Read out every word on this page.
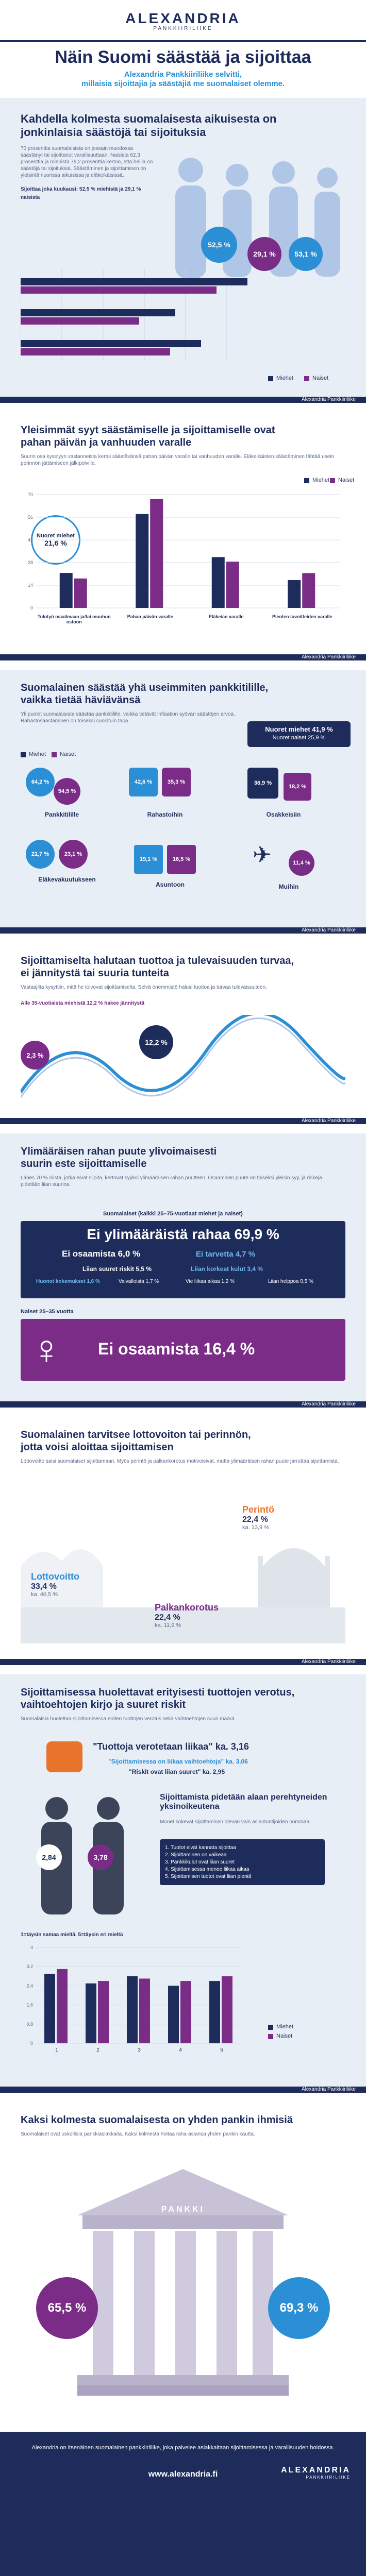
ALEXANDRIA
PANKKIIRILIIKE
Näin Suomi säästää ja sijoittaa
Alexandria Pankkiiriliike selvitti,
millaisia sijoittajia ja säästäjiä me suomalaiset olemme.
Kahdella kolmesta suomalaisesta aikuisesta on
jonkinlaisia säästöjä tai sijoituksia
70 prosenttia suomalaisista on jossain muodossa säästänyt tai sijoittanut varallisuuttaan. Naisista 62,3 prosenttia ja miehistä 79,2 prosenttia kertoo, että heillä on säästöjä tai sijoituksia. Säästäminen ja sijoittaminen on yleisintä nuorissa aikuisissa ja eläkeikäisissä.
Sijoittaa joka kuukausi: 52,5 % miehistä ja 29,1 % naisista
52,5 %
29,1 %	53,1 %
Miehet	Naiset
Alexandria Pankkiiriliike
Yleisimmät syyt säästämiselle ja sijoittamiselle ovat
pahan päivän ja vanhuuden varalle
Suurin osa kyselyyn vastanneista kertoi säästävänsä pahan päivän varalle tai vanhuuden varalle. Eläkeikäisten säästäminen tähtää usein perinnön jättämiseen jälkipolville.
Miehet Naiset
Nuoret miehet
21,6 %
0
14
28
42
56
70
Tulotyö maailmaan ja/tai muuhun ostoon
Pahan päivän varalle	Eläkeiän varalle	Pienten tavoitteiden varalle
Alexandria Pankkiiriliike
Suomalainen säästää yhä useimmiten pankkitilille,
vaikka tietää häviävänsä
Yli puolet suomalaisista säästää pankkitilille, vaikka tietävät inflaation syövän säästöjen arvoa. Rahastosäästäminen on toiseksi suosituin tapa.
Nuoret miehet 41,9 %
Nuoret naiset 25,9 %
Miehet Naiset
64,2 %
54,5 %
Pankkitilille
42,6 %	35,3 %
Rahastoihin
36,9 %
18,2 %
Osakkeisiin
21,7 %	23,1 %
Eläkevakuutukseen
19,1 %	16,5 %
Asuntoon
✈	11,4 %
Muihin
Alexandria Pankkiiriliike
Sijoittamiselta halutaan tuottoa ja tulevaisuuden turvaa,
ei jännitystä tai suuria tunteita
Vastaajilta kysyttiin, mitä he toivovat sijoittamiselta. Selvä enemmistö halusi tuottoa ja turvaa tulevaisuuteen.
Alle 35-vuotiaista miehistä 12,2 % hakee jännitystä
2,3 %
12,2 %
Alexandria Pankkiiriliike
Ylimääräisen rahan puute ylivoimaisesti
suurin este sijoittamiselle
Lähes 70 % niistä, jotka eivät sijoita, kertovat syyksi ylimääräisen rahan puutteen. Osaamisen puute on toiseksi yleisin syy, ja riskejä pidetään liian suurina.
Suomalaiset (kaikki 25–75-vuotiaat miehet ja naiset)
Ei ylimääräistä rahaa 69,9 %
Ei osaamista 6,0 %	Ei tarvetta 4,7 %
Liian suuret riskit 5,5 %	Liian korkeat kulut 3,4 %
Huonot kokemukset 1,6 %	Vaivalloista 1,7 %	Vie liikaa aikaa 1,2 %	Liian helppoa 0,5 %
Naiset 25–35 vuotta
♀ Ei osaamista 16,4 %
Alexandria Pankkiiriliike
Suomalainen tarvitsee lottovoiton tai perinnön,
jotta voisi aloittaa sijoittamisen
Lottovoitto saisi suomalaiset sijoittamaan. Myös perintö ja palkankorotus motivoisivat, mutta ylimääräisen rahan puute jarruttaa sijoittamista.
Perintö
22,4 %
ka. 13,9 %
Lottovoitto
33,4 %
ka. 40,5 %
Palkankorotus
22,4 %
ka. 11,9 %
Alexandria Pankkiiriliike
Sijoittamisessa huolettavat erityisesti tuottojen verotus,
vaihtoehtojen kirjo ja suuret riskit
Suomalaisia huolettaa sijoittamisessa eniten tuottojen verotus sekä vaihtoehtojen suuri määrä.
"Tuottoja verotetaan liikaa" ka. 3,16
"Sijoittamisessa on liikaa vaihtoehtoja" ka. 3,06
"Riskit ovat liian suuret" ka. 2,95
2,84	3,78
Sijoittamista pidetään alaan perehtyneiden yksinoikeutena
Monet kokevat sijoittamisen olevan vain asiantuntijoiden hommaa.
1. Tuotot eivät kannata sijoittaa
2. Sijoittaminen on vaikeaa
3. Pankkikulut ovat liian suuret
4. Sijoittamisessa menee liikaa aikaa
5. Sijoittamisen tuotot ovat liian pieniä
1=täysin samaa mieltä, 5=täysin eri mieltä
0
0.8
1.6
2.4
3.2
4
1	2	3	4	5
Miehet
Naiset
Alexandria Pankkiiriliike
Kaksi kolmesta suomalaisesta on yhden pankin ihmisiä
Suomalaiset ovat uskollisia pankkiasiakkaita. Kaksi kolmesta hoitaa raha-asiansa yhden pankin kautta.
PANKKI
65,5 %	69,3 %
Alexandria on itsenäinen suomalainen pankkiiriliike, joka palvelee asiakkaitaan sijoittamisessa ja varallisuuden hoidossa.
www.alexandria.fi	ALEXANDRIA
PANKKIIRILIIKE
